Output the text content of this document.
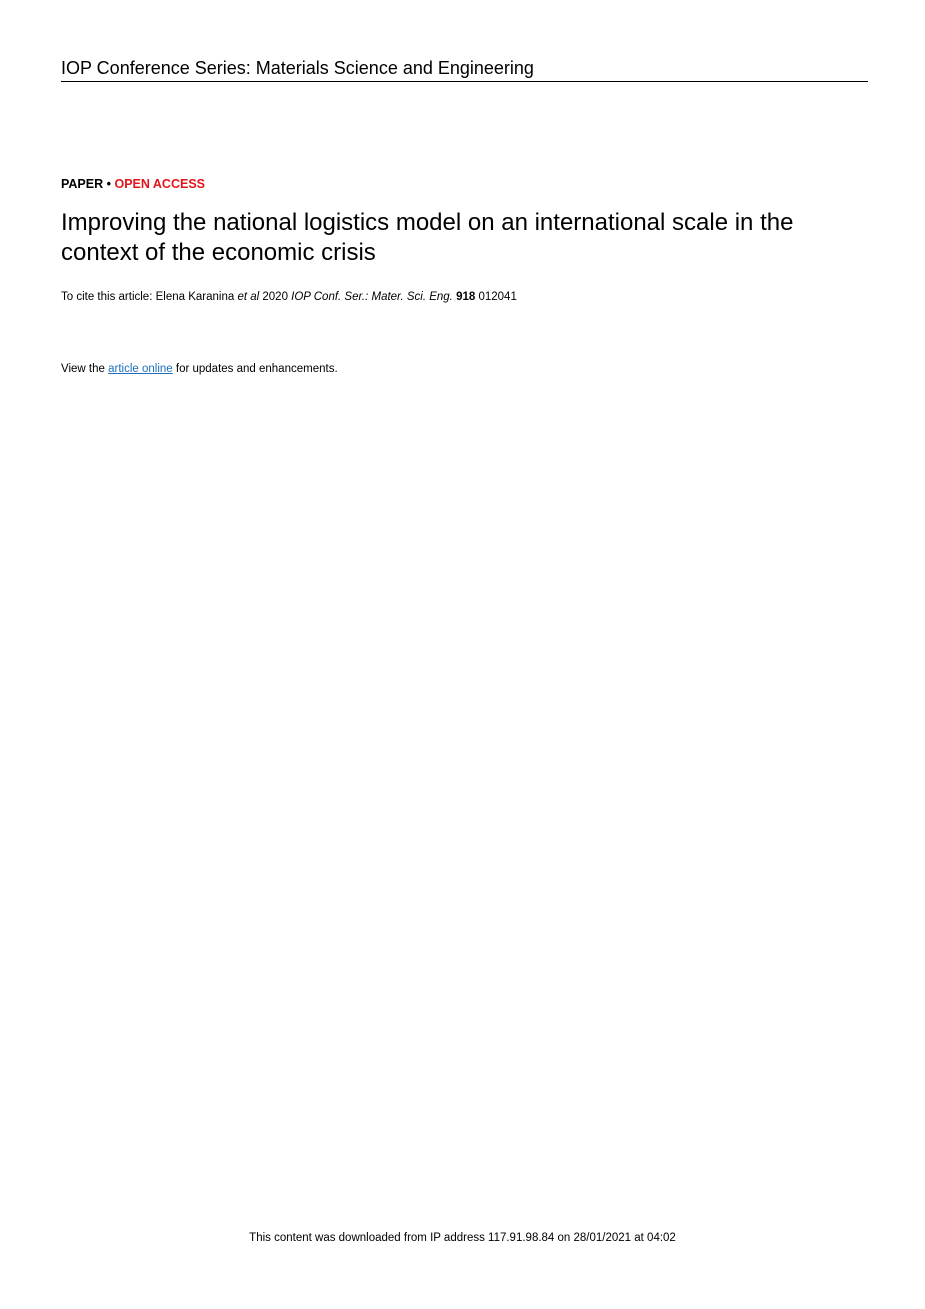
IOP Conference Series: Materials Science and Engineering
PAPER • OPEN ACCESS
Improving the national logistics model on an international scale in the context of the economic crisis
To cite this article: Elena Karanina et al 2020 IOP Conf. Ser.: Mater. Sci. Eng. 918 012041
View the article online for updates and enhancements.
This content was downloaded from IP address 117.91.98.84 on 28/01/2021 at 04:02
